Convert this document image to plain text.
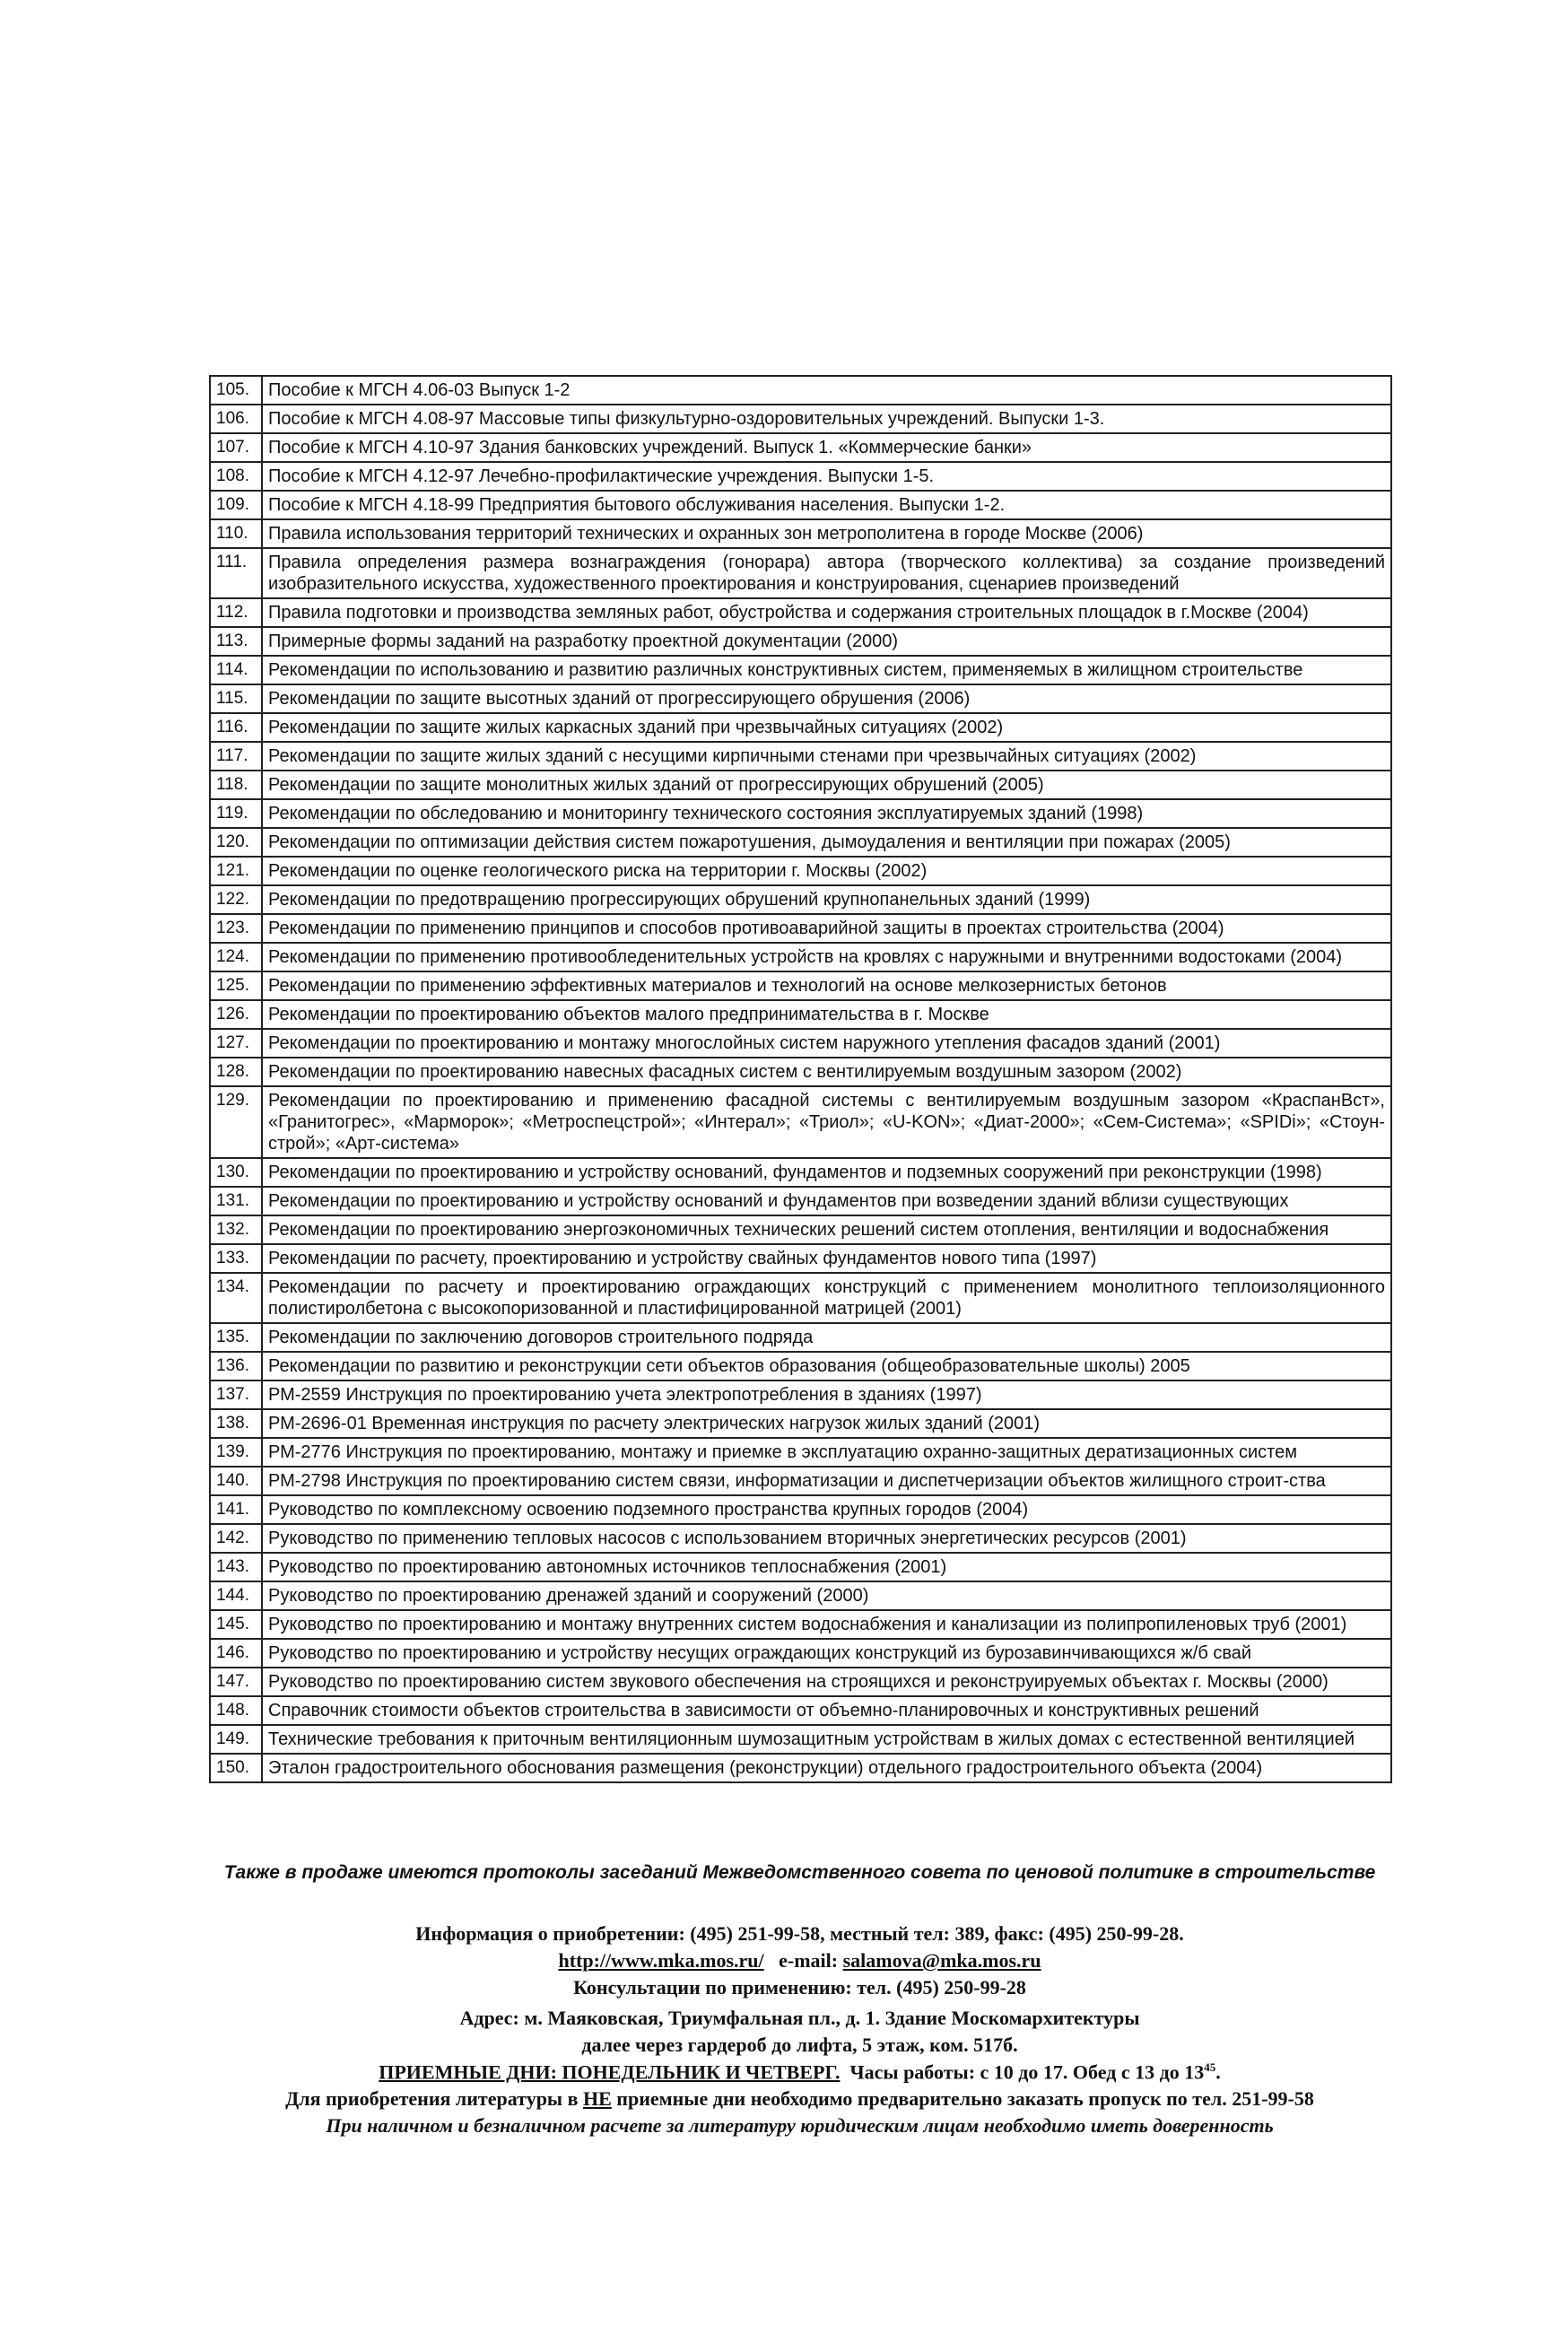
105.	Пособие к МГСН 4.06-03 Выпуск 1-2
106.	Пособие к МГСН 4.08-97 Массовые типы физкультурно-оздоровительных учреждений. Выпуски 1-3.
107.	Пособие к МГСН 4.10-97 Здания банковских учреждений. Выпуск 1. «Коммерческие банки»
108.	Пособие к МГСН 4.12-97 Лечебно-профилактические учреждения. Выпуски 1-5.
109.	Пособие к МГСН 4.18-99 Предприятия бытового обслуживания населения. Выпуски 1-2.
110.	Правила использования территорий технических и охранных зон метрополитена в городе Москве (2006)
111.	Правила определения размера вознаграждения (гонорара) автора (творческого коллектива) за создание произведений изобразительного искусства, художественного проектирования и конструирования, сценариев произведений
112.	Правила подготовки и производства земляных работ, обустройства и содержания строительных площадок в г.Москве (2004)
113.	Примерные формы заданий на разработку проектной документации (2000)
114.	Рекомендации по использованию и развитию различных конструктивных систем, применяемых в жилищном строительстве
115.	Рекомендации по защите высотных зданий от прогрессирующего обрушения (2006)
116.	Рекомендации по защите жилых каркасных зданий при чрезвычайных ситуациях (2002)
117.	Рекомендации по защите жилых зданий с несущими кирпичными стенами при чрезвычайных ситуациях (2002)
118.	Рекомендации по защите монолитных жилых зданий от прогрессирующих обрушений (2005)
119.	Рекомендации по обследованию и мониторингу технического состояния эксплуатируемых зданий (1998)
120.	Рекомендации по оптимизации действия систем пожаротушения, дымоудаления и вентиляции при пожарах (2005)
121.	Рекомендации по оценке геологического риска на территории г. Москвы (2002)
122.	Рекомендации по предотвращению прогрессирующих обрушений крупнопанельных зданий (1999)
123.	Рекомендации по применению принципов и способов противоаварийной защиты в проектах строительства (2004)
124.	Рекомендации по применению противообледенительных устройств на кровлях с наружными и внутренними водостоками (2004)
125.	Рекомендации по применению эффективных материалов и технологий на основе мелкозернистых бетонов
126.	Рекомендации по проектированию объектов малого предпринимательства в г. Москве
127.	Рекомендации по проектированию и монтажу многослойных систем наружного утепления фасадов зданий (2001)
128.	Рекомендации по проектированию навесных фасадных систем с вентилируемым воздушным зазором (2002)
129.	Рекомендации по проектированию и применению фасадной системы с вентилируемым воздушным зазором «КраспанВст», «Гранитогрес», «Марморок»; «Метроспецстрой»; «Интерал»; «Триол»; «U-KON»; «Диат-2000»; «Сем-Система»; «SPIDi»; «Стоун-строй»; «Арт-система»
130.	Рекомендации по проектированию и устройству оснований, фундаментов и подземных сооружений при реконструкции (1998)
131.	Рекомендации по проектированию и устройству оснований и фундаментов при возведении зданий вблизи существующих
132.	Рекомендации по проектированию энергоэкономичных технических решений систем отопления, вентиляции и водоснабжения
133.	Рекомендации по расчету, проектированию и устройству свайных фундаментов нового типа (1997)
134.	Рекомендации по расчету и проектированию ограждающих конструкций с применением монолитного теплоизоляционного полистиролбетона с высокопоризованной и пластифицированной матрицей (2001)
135.	Рекомендации по заключению договоров строительного подряда
136.	Рекомендации по развитию и реконструкции сети объектов образования (общеобразовательные школы) 2005
137.	РМ-2559 Инструкция по проектированию учета электропотребления в зданиях (1997)
138.	РМ-2696-01 Временная инструкция по расчету электрических нагрузок жилых зданий (2001)
139.	РМ-2776 Инструкция по проектированию, монтажу и приемке в эксплуатацию охранно-защитных дератизационных систем
140.	РМ-2798 Инструкция по проектированию систем связи, информатизации и диспетчеризации объектов жилищного строит-ства
141.	Руководство по комплексному освоению подземного пространства крупных городов (2004)
142.	Руководство по применению тепловых насосов с использованием вторичных энергетических ресурсов (2001)
143.	Руководство по проектированию автономных источников теплоснабжения (2001)
144.	Руководство по проектированию дренажей зданий и сооружений (2000)
145.	Руководство по проектированию и монтажу внутренних систем водоснабжения и канализации из полипропиленовых труб (2001)
146.	Руководство по проектированию и устройству несущих ограждающих конструкций из бурозавинчивающихся ж/б свай
147.	Руководство по проектированию систем звукового обеспечения на строящихся и реконструируемых объектах г. Москвы (2000)
148.	Справочник стоимости объектов строительства в зависимости от объемно-планировочных и конструктивных решений
149.	Технические требования к приточным вентиляционным шумозащитным устройствам в жилых домах с естественной вентиляцией
150.	Эталон градостроительного обоснования размещения (реконструкции) отдельного градостроительного объекта (2004)
Также в продаже имеются протоколы заседаний Межведомственного совета по ценовой политике в строительстве
Информация о приобретении: (495) 251-99-58, местный тел: 389, факс: (495) 250-99-28.
http://www.mka.mos.ru/ e-mail: salamova@mka.mos.ru
Консультации по применению: тел. (495) 250-99-28
Адрес: м. Маяковская, Триумфальная пл., д. 1. Здание Москомархитектуры
далее через гардероб до лифта, 5 этаж, ком. 517б.
ПРИЕМНЫЕ ДНИ: ПОНЕДЕЛЬНИК И ЧЕТВЕРГ. Часы работы: с 10 до 17. Обед с 13 до $13^{45}$.
Для приобретения литературы в НЕ приемные дни необходимо предварительно заказать пропуск по тел. 251-99-58
При наличном и безналичном расчете за литературу юридическим лицам необходимо иметь доверенность
